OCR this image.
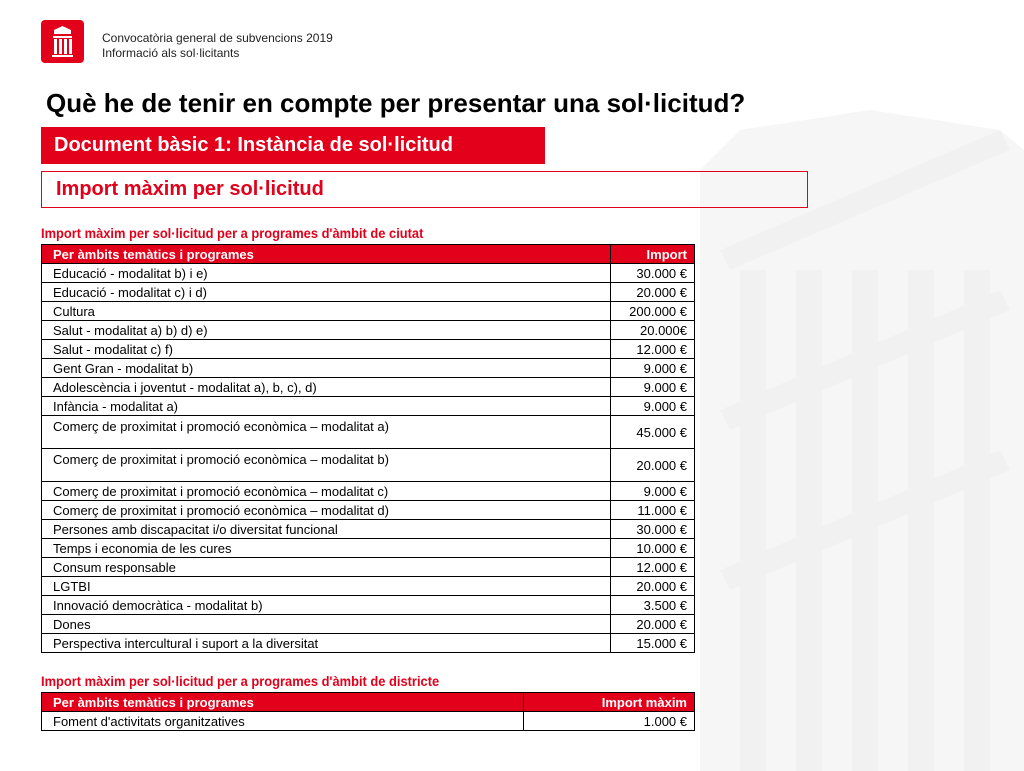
Convocatòria general de subvencions 2019
Informació als sol·licitants
Què he de tenir en compte per presentar una sol·licitud?
Document bàsic 1: Instància de sol·licitud
Import màxim per sol·licitud
Import màxim per sol·licitud per a programes d'àmbit de ciutat
Per àmbits temàtics i programes	Import
Educació - modalitat b) i e)	30.000 €
Educació - modalitat c) i d)	20.000 €
Cultura	200.000 €
Salut - modalitat a) b) d) e)	20.000€
Salut - modalitat c) f)	12.000 €
Gent Gran - modalitat b)	9.000 €
Adolescència i joventut - modalitat a), b, c), d)	9.000 €
Infància - modalitat a)	9.000 €
Comerç de proximitat i promoció econòmica – modalitat a)	45.000 €
Comerç de proximitat i promoció econòmica – modalitat b)	20.000 €
Comerç de proximitat i promoció econòmica – modalitat c)	9.000 €
Comerç de proximitat i promoció econòmica – modalitat d)	11.000 €
Persones amb discapacitat i/o diversitat funcional	30.000 €
Temps i economia de les cures	10.000 €
Consum responsable	12.000 €
LGTBI	20.000 €
Innovació democràtica - modalitat b)	3.500 €
Dones	20.000 €
Perspectiva intercultural i suport a la diversitat	15.000 €
Import màxim per sol·licitud per a programes d'àmbit de districte
Per àmbits temàtics i programes	Import màxim
Foment d'activitats organitzatives	1.000 €
